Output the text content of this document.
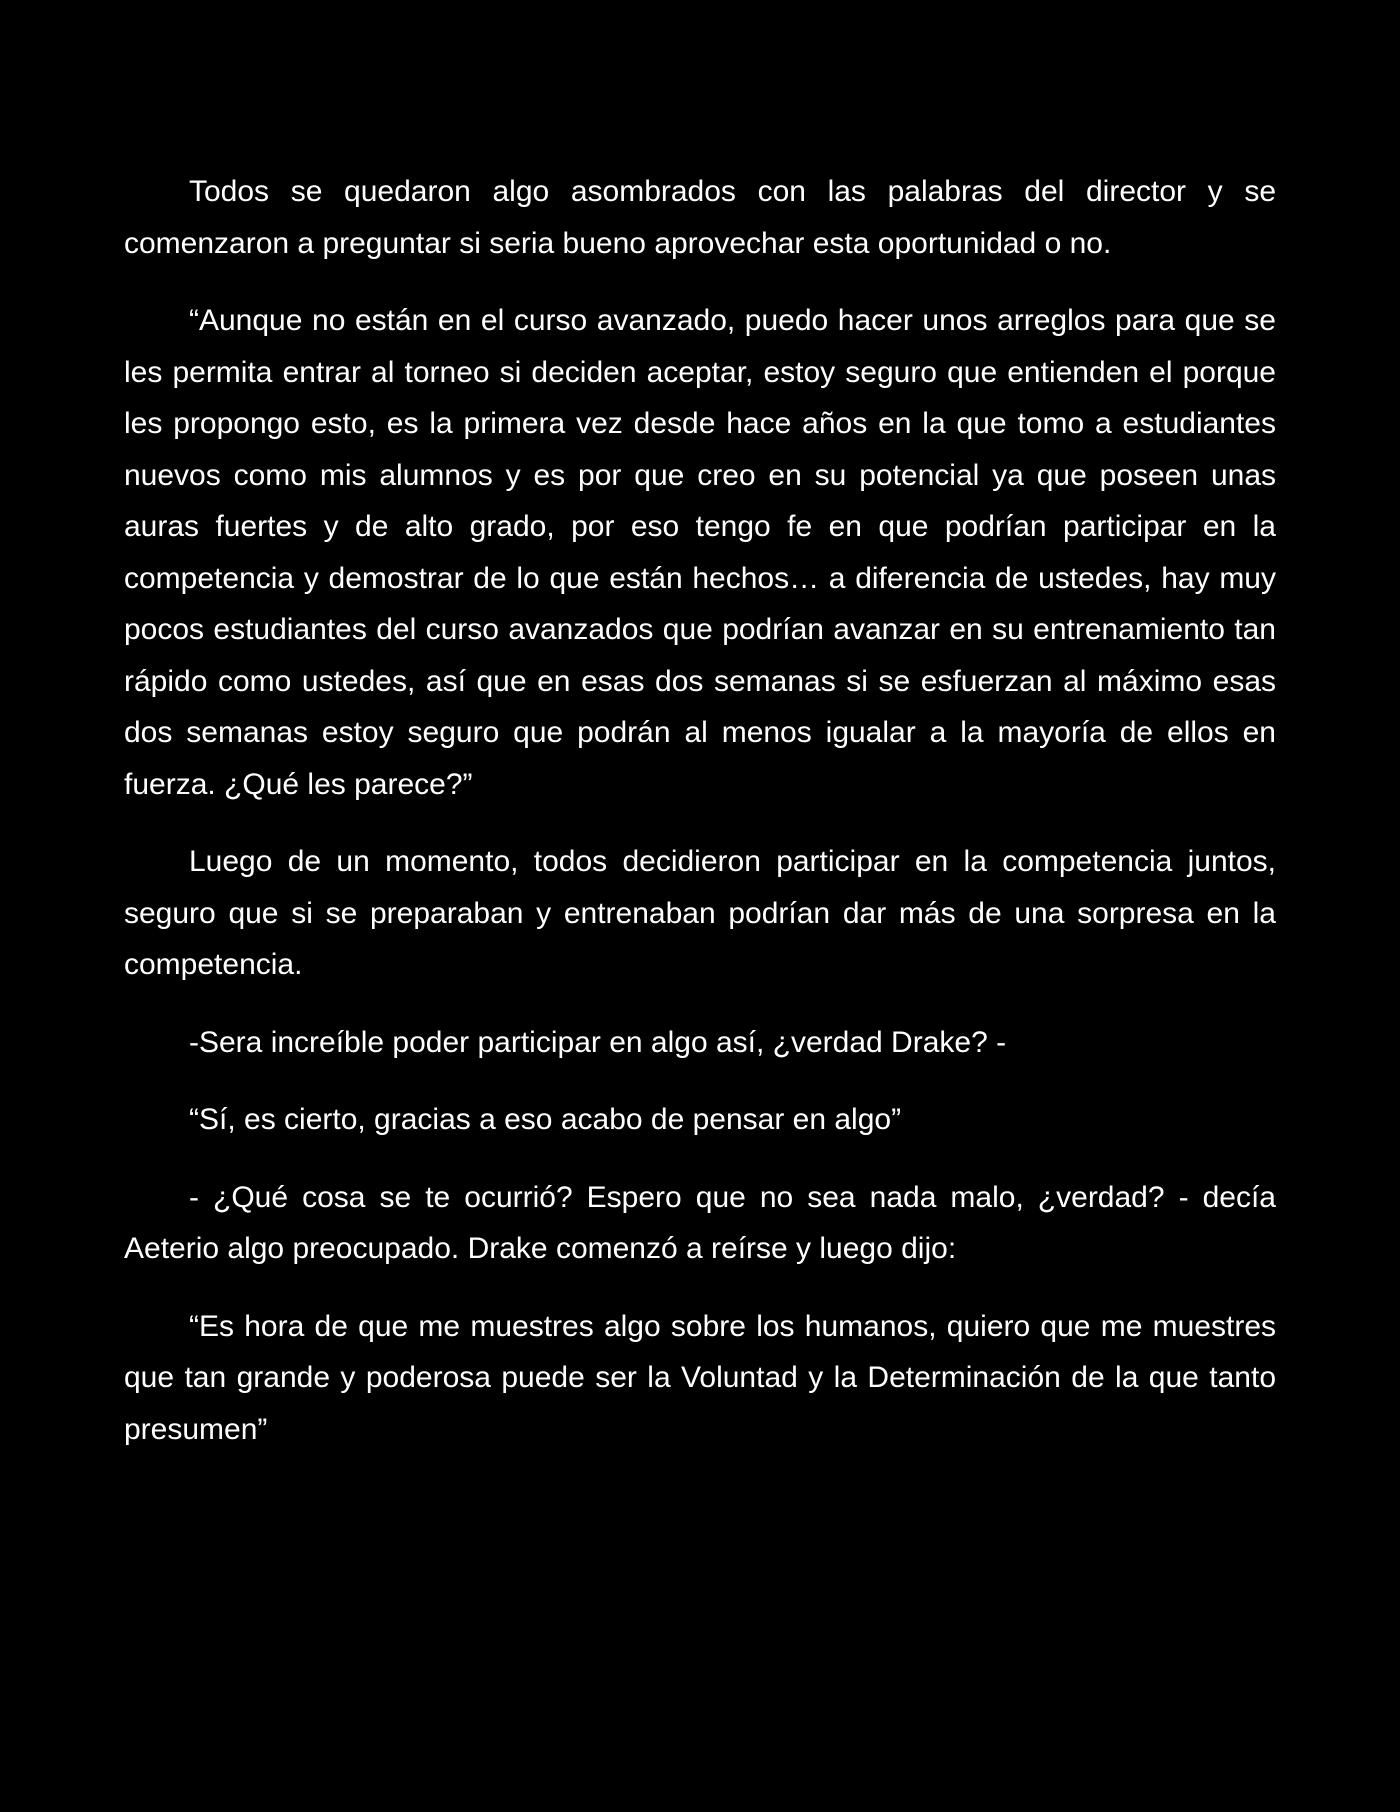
Todos se quedaron algo asombrados con las palabras del director y se comenzaron a preguntar si seria bueno aprovechar esta oportunidad o no.

“Aunque no están en el curso avanzado, puedo hacer unos arreglos para que se les permita entrar al torneo si deciden aceptar, estoy seguro que entienden el porque les propongo esto, es la primera vez desde hace años en la que tomo a estudiantes nuevos como mis alumnos y es por que creo en su potencial ya que poseen unas auras fuertes y de alto grado, por eso tengo fe en que podrían participar en la competencia y demostrar de lo que están hechos… a diferencia de ustedes, hay muy pocos estudiantes del curso avanzados que podrían avanzar en su entrenamiento tan rápido como ustedes, así que en esas dos semanas si se esfuerzan al máximo esas dos semanas estoy seguro que podrán al menos igualar a la mayoría de ellos en fuerza. ¿Qué les parece?”

Luego de un momento, todos decidieron participar en la competencia juntos, seguro que si se preparaban y entrenaban podrían dar más de una sorpresa en la competencia.

-Sera increíble poder participar en algo así, ¿verdad Drake? -

“Sí, es cierto, gracias a eso acabo de pensar en algo”

- ¿Qué cosa se te ocurrió? Espero que no sea nada malo, ¿verdad? - decía Aeterio algo preocupado. Drake comenzó a reírse y luego dijo:

“Es hora de que me muestres algo sobre los humanos, quiero que me muestres que tan grande y poderosa puede ser la Voluntad y la Determinación de la que tanto presumen”
